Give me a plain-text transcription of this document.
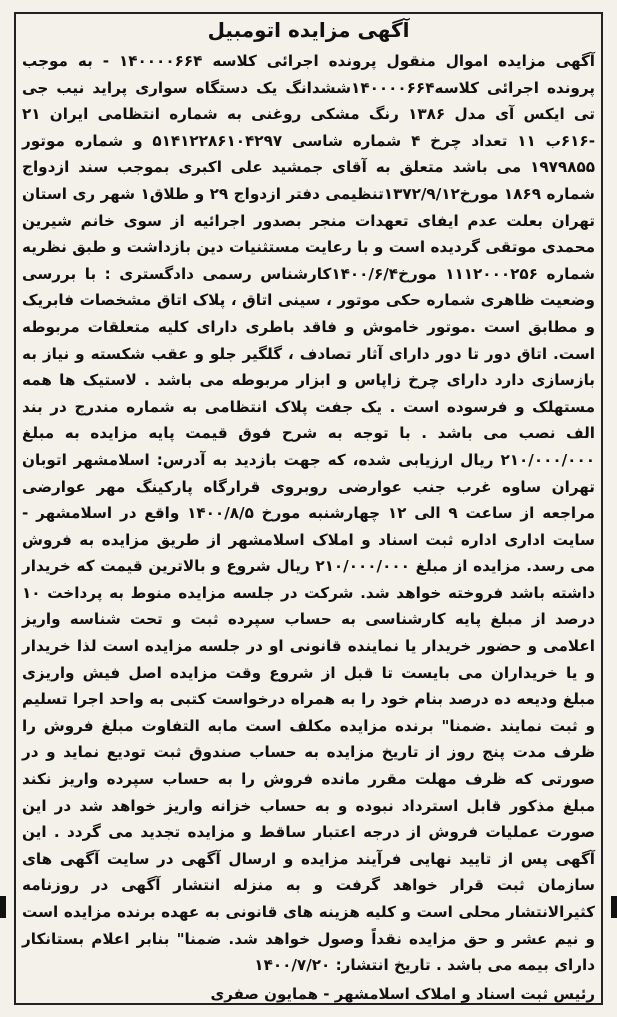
آگهی مزایده اتومبیل
آگهی مزایده اموال منقول پرونده اجرائی کلاسه ۱۴۰۰۰۰۶۶۴ - به موجب پرونده اجرائی کلاسه۱۴۰۰۰۰۶۶۴ششدانگ یک دستگاه سواری پراید نیب جی تی ایکس آی مدل ۱۳۸۶ رنگ مشکی روغنی به شماره انتظامی ایران ۲۱ -۶۱۶ب ۱۱ تعداد چرخ ۴ شماره شاسی ۵۱۴۱۲۲۸۶۱۰۴۲۹۷ و شماره موتور ۱۹۷۹۸۵۵ می باشد متعلق به آقای جمشید علی اکبری بموجب سند ازدواج شماره ۱۸۶۹ مورخ۱۳۷۲/۹/۱۲تنظیمی دفتر ازدواج ۲۹ و طلاق۱ شهر ری استان تهران بعلت عدم ایفای تعهدات منجر بصدور اجرائیه از سوی خانم شیرین محمدی موتقی گردیده است و با رعایت مستثنیات دین بازداشت و طبق نظریه شماره ۱۱۱۲۰۰۰۲۵۶ مورخ۱۴۰۰/۶/۴کارشناس رسمی دادگستری : با بررسی وضعیت ظاهری شماره حکی موتور ، سینی اتاق ، پلاک اتاق مشخصات فابریک و مطابق است .موتور خاموش و فاقد باطری دارای کلیه متعلقات مربوطه است. اتاق دور تا دور دارای آثار تصادف ، گلگیر جلو و عقب شکسته و نیاز به بازسازی دارد دارای چرخ زاپاس و ابزار مربوطه می باشد . لاستیک ها همه مستهلک و فرسوده است . یک جفت پلاک انتظامی به شماره مندرج در بند الف نصب می باشد . با توجه به شرح فوق قیمت پایه مزایده به مبلغ ۲۱۰/۰۰۰/۰۰۰ ریال ارزیابی شده، که جهت بازدید به آدرس: اسلامشهر اتوبان تهران ساوه غرب جنب عوارضی روبروی قرارگاه پارکینگ مهر عوارضی مراجعه از ساعت ۹ الی ۱۲ چهارشنبه مورخ ۱۴۰۰/۸/۵ واقع در اسلامشهر - سایت اداری اداره ثبت اسناد و املاک اسلامشهر از طریق مزایده به فروش می رسد. مزایده از مبلغ ۲۱۰/۰۰۰/۰۰۰ ریال شروع و بالاترین قیمت که خریدار داشته باشد فروخته خواهد شد. شرکت در جلسه مزایده منوط به پرداخت ۱۰ درصد از مبلغ پایه کارشناسی به حساب سپرده ثبت و تحت شناسه واریز اعلامی و حضور خریدار یا نماینده قانونی او در جلسه مزایده است لذا خریدار و یا خریداران می بایست تا قبل از شروع وقت مزایده اصل فیش واریزی مبلغ ودیعه ده درصد بنام خود را به همراه درخواست کتبی به واحد اجرا تسلیم و ثبت نمایند .ضمنا" برنده مزایده مکلف است مابه التفاوت مبلغ فروش را ظرف مدت پنج روز از تاریخ مزایده به حساب صندوق ثبت تودیع نماید و در صورتی که ظرف مهلت مقرر مانده فروش را به حساب سپرده واریز نکند مبلغ مذکور قابل استرداد نبوده و به حساب خزانه واریز خواهد شد در این صورت عملیات فروش از درجه اعتبار ساقط و مزایده تجدید می گردد . این آگهی پس از تایید نهایی فرآیند مزایده و ارسال آگهی در سایت آگهی های سازمان ثبت قرار خواهد گرفت و به منزله انتشار آگهی در روزنامه کثیرالانتشار محلی است و کلیه هزینه های قانونی به عهده برنده مزایده است و نیم عشر و حق مزایده نقداً وصول خواهد شد. ضمنا" بنابر اعلام بستانکار دارای بیمه می باشد . تاریخ انتشار: ۱۴۰۰/۷/۲۰
رئیس ثبت اسناد و املاک اسلامشهر - همایون صفری
